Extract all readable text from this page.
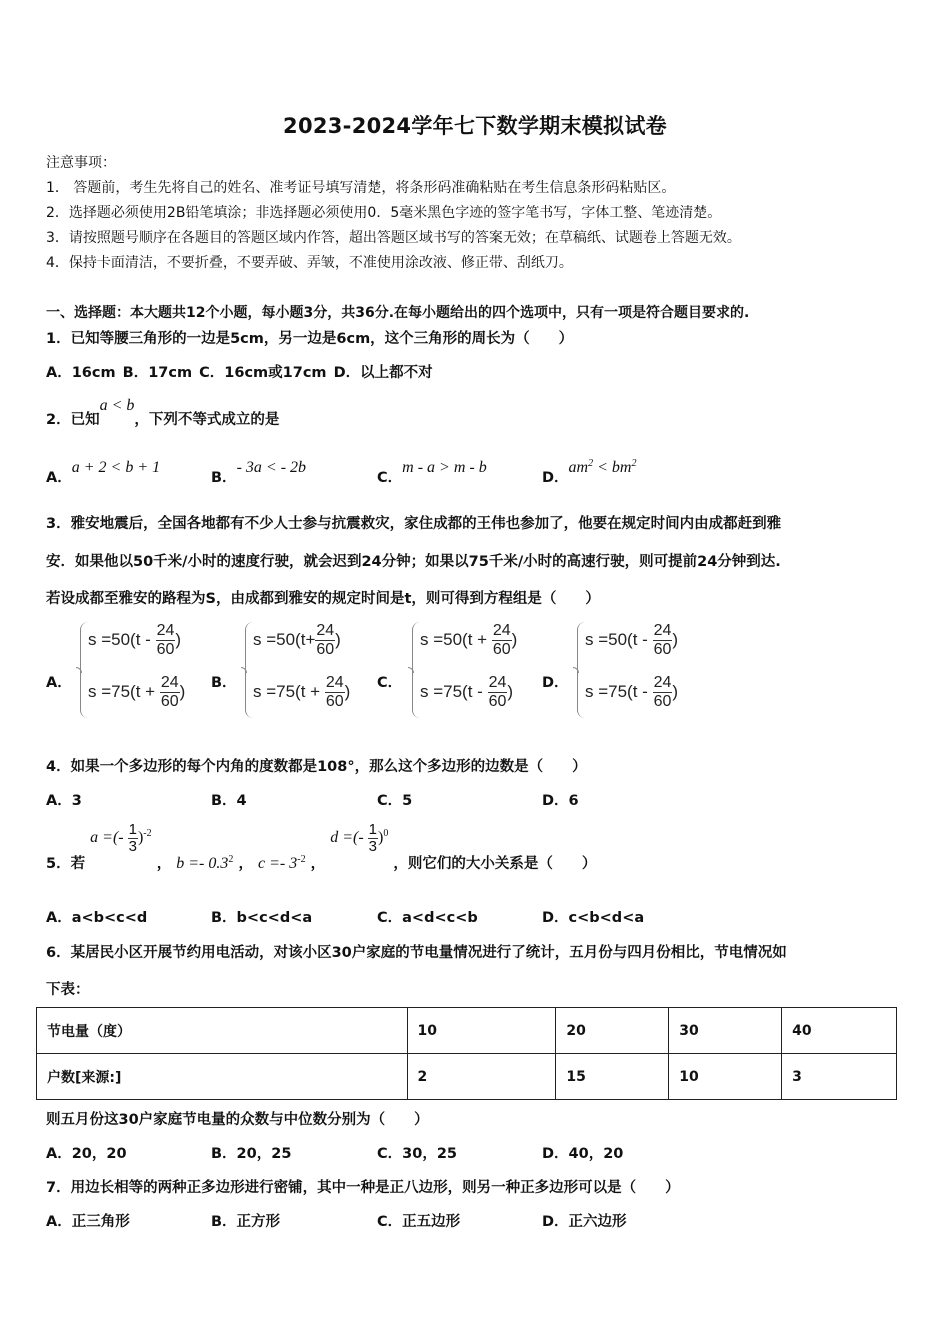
2023-2024学年七下数学期末模拟试卷
注意事项：
1． 答题前，考生先将自己的姓名、准考证号填写清楚，将条形码准确粘贴在考生信息条形码粘贴区。
2．选择题必须使用2B铅笔填涂；非选择题必须使用0．5毫米黑色字迹的签字笔书写，字体工整、笔迹清楚。
3．请按照题号顺序在各题目的答题区域内作答，超出答题区域书写的答案无效；在草稿纸、试题卷上答题无效。
4．保持卡面清洁，不要折叠，不要弄破、弄皱，不准使用涂改液、修正带、刮纸刀。
一、选择题：本大题共12个小题，每小题3分，共36分.在每小题给出的四个选项中，只有一项是符合题目要求的.
1．已知等腰三角形的一边是5cm，另一边是6cm，这个三角形的周长为（　　）
A．16cm B．17cm C．16cm或17cm D．以上都不对
2．已知a < b，下列不等式成立的是
A．a + 2 < b + 1
B．- 3a < - 2b
C．m - a > m - b
D．$am^2 < bm^2$
3．雅安地震后，全国各地都有不少人士参与抗震救灾，家住成都的王伟也参加了，他要在规定时间内由成都赶到雅
安．如果他以50千米/小时的速度行驶，就会迟到24分钟；如果以75千米/小时的高速行驶，则可提前24分钟到达.
若设成都至雅安的路程为S，由成都到雅安的规定时间是t，则可得到方程组是（　　）
A．
$s =50(t - \frac{24}{60}$ )
$s =75(t + \frac{24}{60}$ ) B．
$s =50(t+ \frac{24}{60}$ )
$s =75(t + \frac{24}{60}$ ) C．
$s =50(t + \frac{24}{60}$ )
$s =75(t - \frac{24}{60}$ ) D．
$s =50(t - \frac{24}{60}$ )
$s =75(t - \frac{24}{60}$ )
4．如果一个多边形的每个内角的度数都是108°，那么这个多边形的边数是（　　）
A．3	B．4	C．5	D．6
5．若 a =(- $\frac{1}{3} )^{-2}$ ， $b =- 0.3^2$ ， $c =- 3^{-2}$ ， d =(- $\frac{1}{3} )^0$ ，则它们的大小关系是（　　）
A．a<b<c<d	B．b<c<d<a	C．a<d<c<b	D．c<b<d<a
6．某居民小区开展节约用电活动，对该小区30户家庭的节电量情况进行了统计，五月份与四月份相比，节电情况如
下表：
节电量（度）	10	20	30	40
户数[来源:]	2	15	10	3
则五月份这30户家庭节电量的众数与中位数分别为（　　）
A．20，20	B．20，25	C．30，25	D．40，20
7．用边长相等的两种正多边形进行密铺，其中一种是正八边形，则另一种正多边形可以是（　　）
A．正三角形	B．正方形	C．正五边形	D．正六边形
